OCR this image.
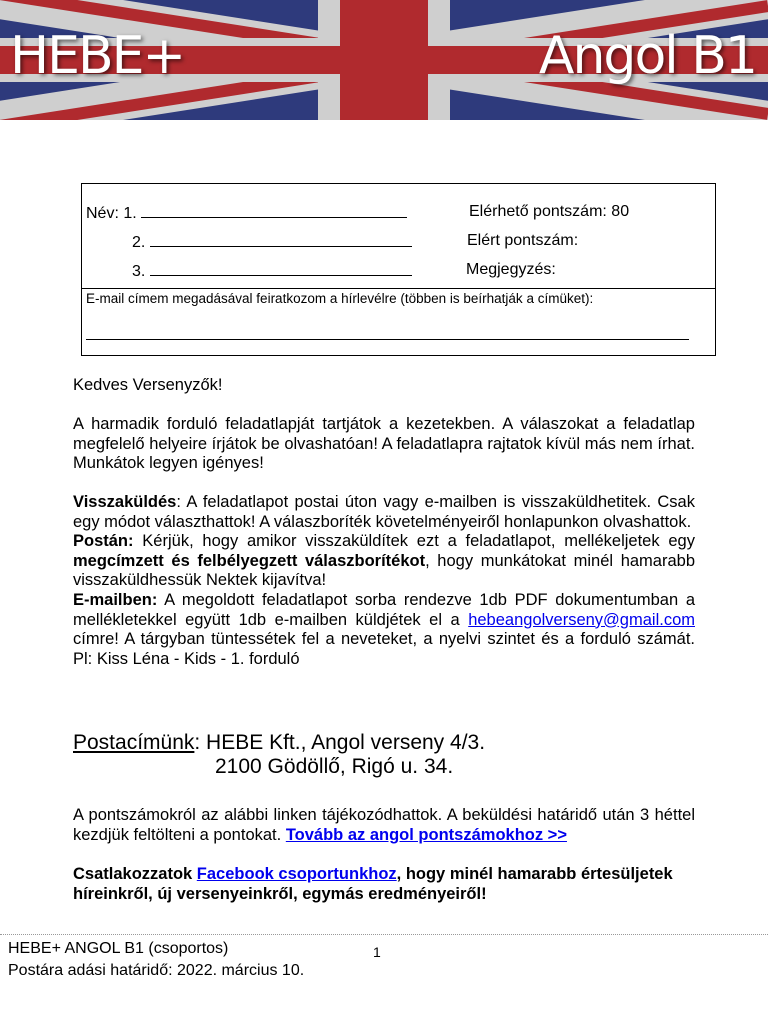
HEBE+	Angol B1
Név: 1.
2.
3.
Elérhető pontszám: 80
Elért pontszám:
Megjegyzés:
E-mail címem megadásával feiratkozom a hírlevélre (többen is beírhatják a címüket):
Kedves Versenyzők!
A harmadik forduló feladatlapját tartjátok a kezetekben. A válaszokat a feladatlap megfelelő helyeire írjátok be olvashatóan! A feladatlapra rajtatok kívül más nem írhat. Munkátok legyen igényes!
Visszaküldés: A feladatlapot postai úton vagy e-mailben is visszaküldhetitek. Csak egy módot választhattok! A válaszboríték követelményeiről honlapunkon olvashattok.
Postán: Kérjük, hogy amikor visszaküldítek ezt a feladatlapot, mellékeljetek egy megcímzett és felbélyegzett válaszborítékot, hogy munkátokat minél hamarabb visszaküldhessük Nektek kijavítva!
E-mailben: A megoldott feladatlapot sorba rendezve 1db PDF dokumentumban a mellékletekkel együtt 1db e-mailben küldjétek el a hebeangolverseny@gmail.com címre! A tárgyban tüntessétek fel a neveteket, a nyelvi szintet és a forduló számát. Pl: Kiss Léna - Kids - 1. forduló
Postacímünk: HEBE Kft., Angol verseny 4/3.
2100 Gödöllő, Rigó u. 34.
A pontszámokról az alábbi linken tájékozódhattok. A beküldési határidő után 3 héttel kezdjük feltölteni a pontokat. Tovább az angol pontszámokhoz >>
Csatlakozzatok Facebook csoportunkhoz, hogy minél hamarabb értesüljetek híreinkről, új versenyeinkről, egymás eredményeiről!
HEBE+ ANGOL B1 (csoportos)
Postára adási határidő: 2022. március 10.
1
